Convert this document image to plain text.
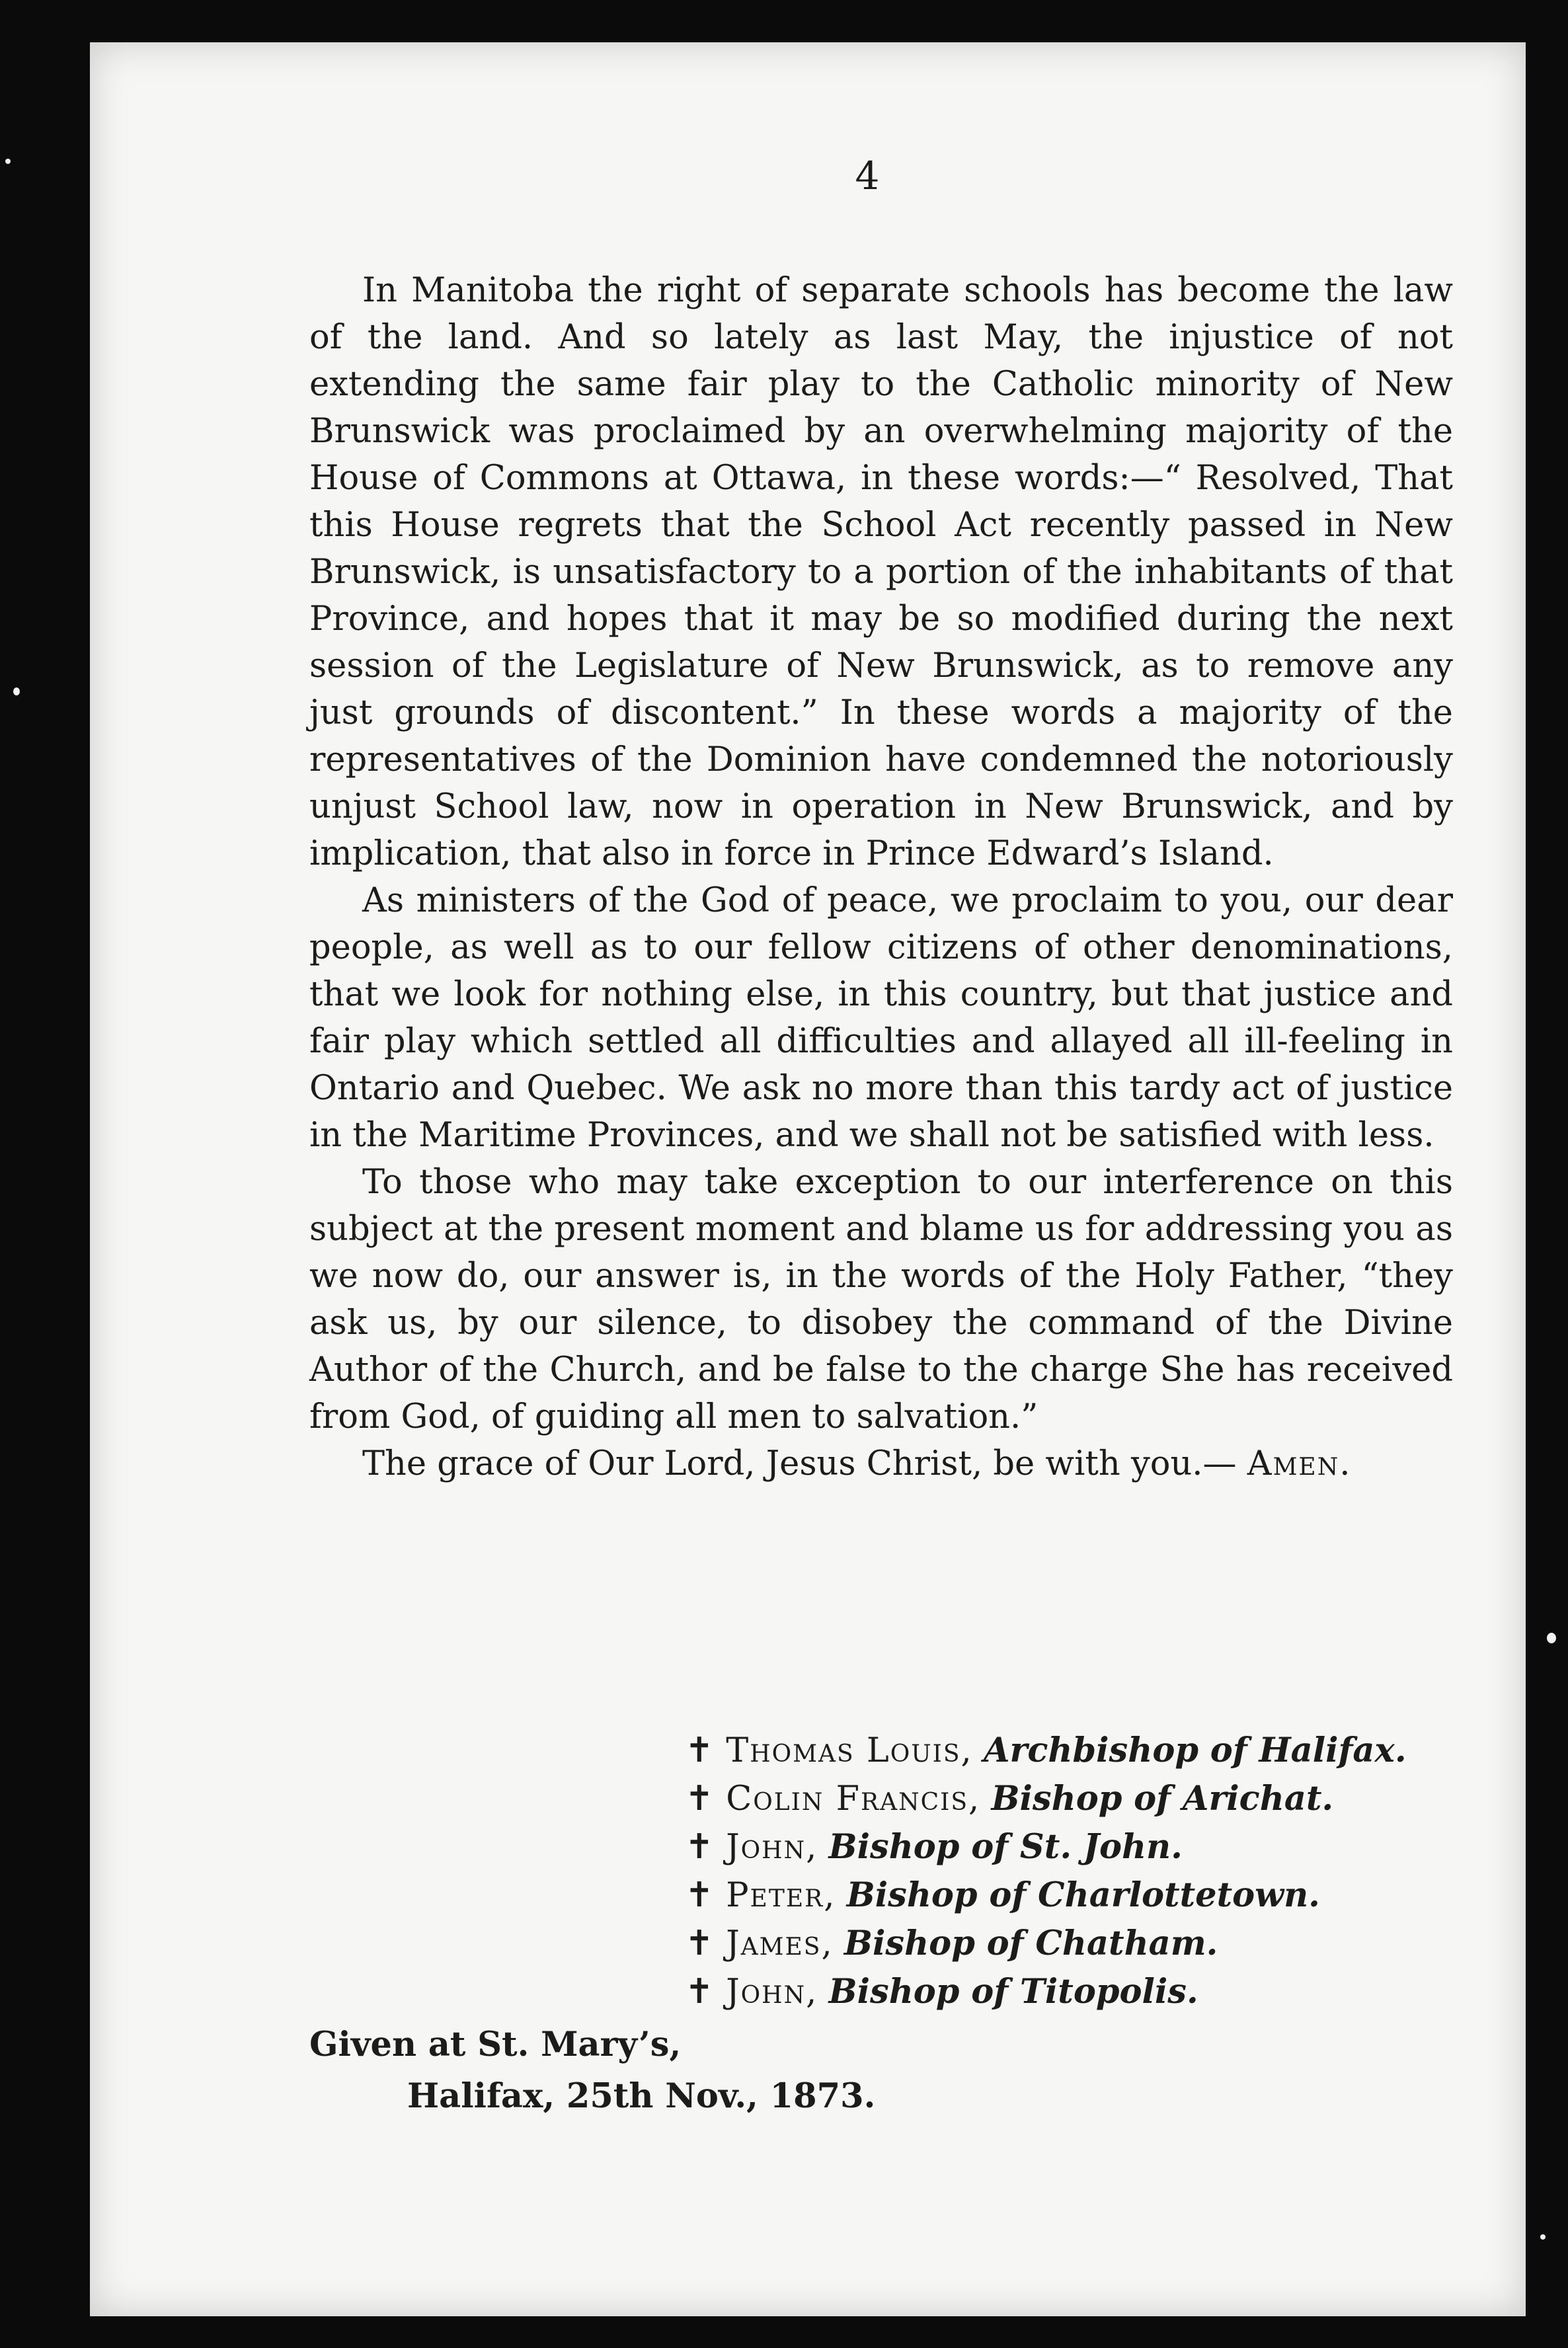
4

In Manitoba the right of separate schools has become the law of the land. And so lately as last May, the injustice of not extending the same fair play to the Catholic minority of New Brunswick was proclaimed by an overwhelming majority of the House of Commons at Ottawa, in these words:—“ Resolved, That this House regrets that the School Act recently passed in New Brunswick, is unsatisfactory to a portion of the inhabitants of that Province, and hopes that it may be so modified during the next session of the Legislature of New Brunswick, as to remove any just grounds of discontent.” In these words a majority of the representatives of the Dominion have condemned the notoriously unjust School law, now in operation in New Brunswick, and by implication, that also in force in Prince Edward’s Island.

As ministers of the God of peace, we proclaim to you, our dear people, as well as to our fellow citizens of other denominations, that we look for nothing else, in this country, but that justice and fair play which settled all difficulties and allayed all ill-feeling in Ontario and Quebec. We ask no more than this tardy act of justice in the Maritime Provinces, and we shall not be satisfied with less.

To those who may take exception to our interference on this subject at the present moment and blame us for addressing you as we now do, our answer is, in the words of the Holy Father, “they ask us, by our silence, to disobey the command of the Divine Author of the Church, and be false to the charge She has received from God, of guiding all men to salvation.”

The grace of Our Lord, Jesus Christ, be with you.— Amen.

✝ Thomas Louis, Archbishop of Halifax.
✝ Colin Francis, Bishop of Arichat.
✝ John, Bishop of St. John.
✝ Peter, Bishop of Charlottetown.
✝ James, Bishop of Chatham.
✝ John, Bishop of Titopolis.
Given at St. Mary’s,
Halifax, 25th Nov., 1873.
